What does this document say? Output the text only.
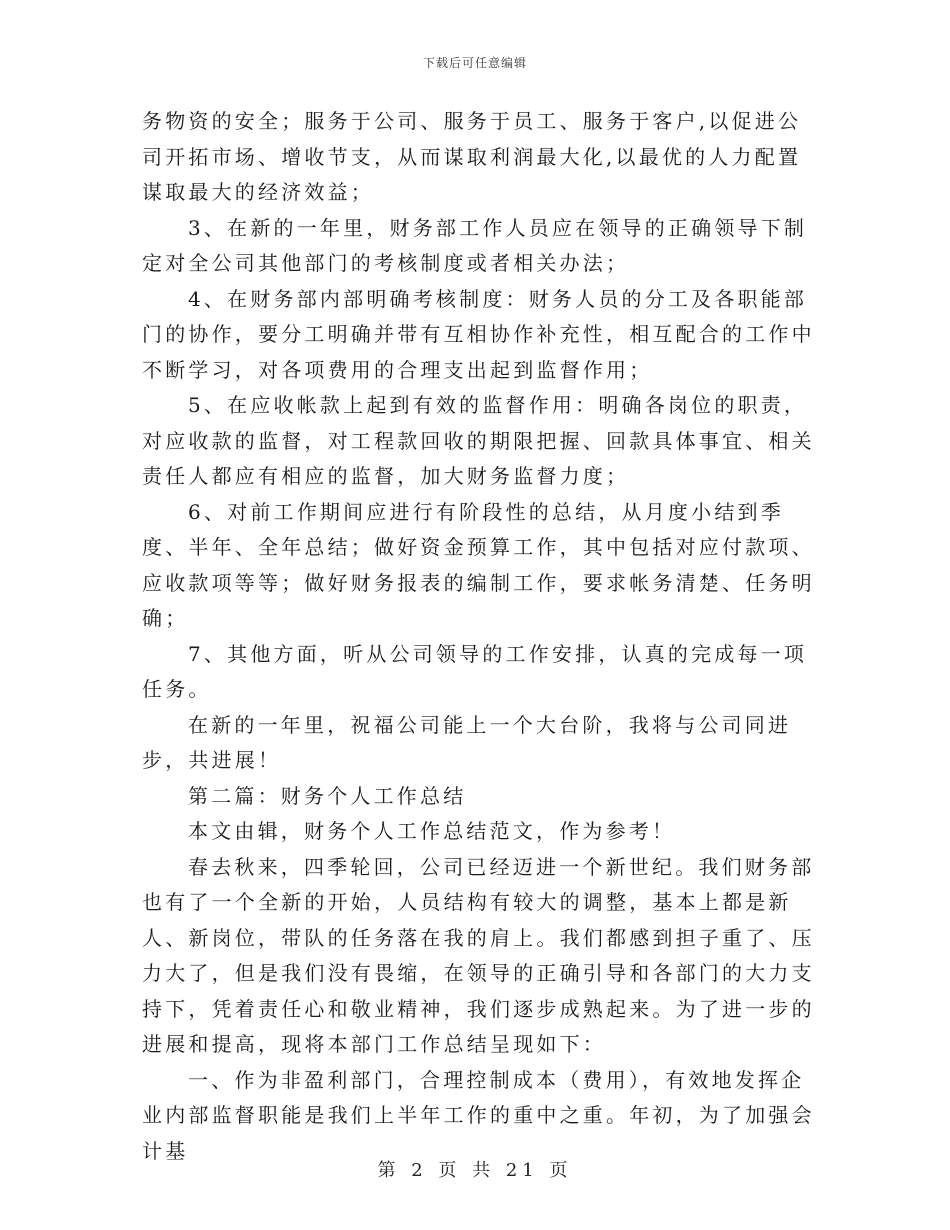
下载后可任意编辑

务物资的安全；服务于公司、服务于员工、服务于客户,以促进公司开拓市场、增收节支，从而谋取利润最大化,以最优的人力配置谋取最大的经济效益；

3、在新的一年里，财务部工作人员应在领导的正确领导下制定对全公司其他部门的考核制度或者相关办法；

4、在财务部内部明确考核制度：财务人员的分工及各职能部门的协作，要分工明确并带有互相协作补充性，相互配合的工作中不断学习，对各项费用的合理支出起到监督作用；

5、在应收帐款上起到有效的监督作用：明确各岗位的职责，对应收款的监督，对工程款回收的期限把握、回款具体事宜、相关责任人都应有相应的监督，加大财务监督力度；

6、对前工作期间应进行有阶段性的总结，从月度小结到季度、半年、全年总结；做好资金预算工作，其中包括对应付款项、应收款项等等；做好财务报表的编制工作，要求帐务清楚、任务明确；

7、其他方面，听从公司领导的工作安排，认真的完成每一项任务。

在新的一年里，祝福公司能上一个大台阶，我将与公司同进步，共进展！

第二篇：财务个人工作总结

本文由辑，财务个人工作总结范文，作为参考！

春去秋来，四季轮回，公司已经迈进一个新世纪。我们财务部也有了一个全新的开始，人员结构有较大的调整，基本上都是新人、新岗位，带队的任务落在我的肩上。我们都感到担子重了、压力大了，但是我们没有畏缩，在领导的正确引导和各部门的大力支持下，凭着责任心和敬业精神，我们逐步成熟起来。为了进一步的进展和提高，现将本部门工作总结呈现如下：

一、作为非盈利部门，合理控制成本（费用），有效地发挥企业内部监督职能是我们上半年工作的重中之重。年初，为了加强会计基

第 2 页 共 21 页
